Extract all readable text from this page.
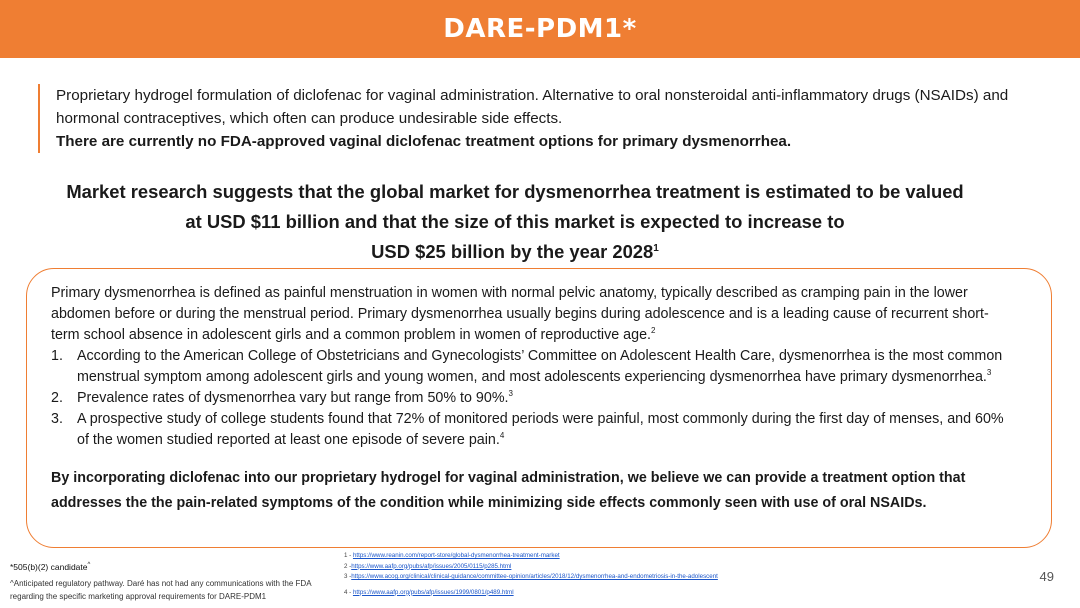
DARE-PDM1*

Proprietary hydrogel formulation of diclofenac for vaginal administration. Alternative to oral nonsteroidal anti-inflammatory drugs (NSAIDs) and hormonal contraceptives, which often can produce undesirable side effects.

There are currently no FDA-approved vaginal diclofenac treatment options for primary dysmenorrhea.

Market research suggests that the global market for dysmenorrhea treatment is estimated to be valued
at USD $11 billion and that the size of this market is expected to increase to
USD $25 billion by the year 2028$^1$

Primary dysmenorrhea is defined as painful menstruation in women with normal pelvic anatomy, typically described as cramping pain in the lower abdomen before or during the menstrual period. Primary dysmenorrhea usually begins during adolescence and is a leading cause of recurrent short-term school absence in adolescent girls and a common problem in women of reproductive age.$^2$

1. According to the American College of Obstetricians and Gynecologists’ Committee on Adolescent Health Care, dysmenorrhea is the most common menstrual symptom among adolescent girls and young women, and most adolescents experiencing dysmenorrhea have primary dysmenorrhea.$^3$
2. Prevalence rates of dysmenorrhea vary but range from 50% to 90%.$^3$
3. A prospective study of college students found that 72% of monitored periods were painful, most commonly during the first day of menses, and 60% of the women studied reported at least one episode of severe pain.$^4$

By incorporating diclofenac into our proprietary hydrogel for vaginal administration, we believe we can provide a treatment option that addresses the the pain-related symptoms of the condition while minimizing side effects commonly seen with use of oral NSAIDs.

*505(b)(2) candidate^
^Anticipated regulatory pathway. Daré has not had any communications with the FDA regarding the specific marketing approval requirements for DARE-PDM1
1 - https://www.reanin.com/report-store/global-dysmenorrhea-treatment-market
2 -https://www.aafp.org/pubs/afp/issues/2005/0115/p285.html
3 -https://www.acog.org/clinical/clinical-guidance/committee-opinion/articles/2018/12/dysmenorrhea-and-endometriosis-in-the-adolescent
4 - https://www.aafp.org/pubs/afp/issues/1999/0801/p489.html
49
